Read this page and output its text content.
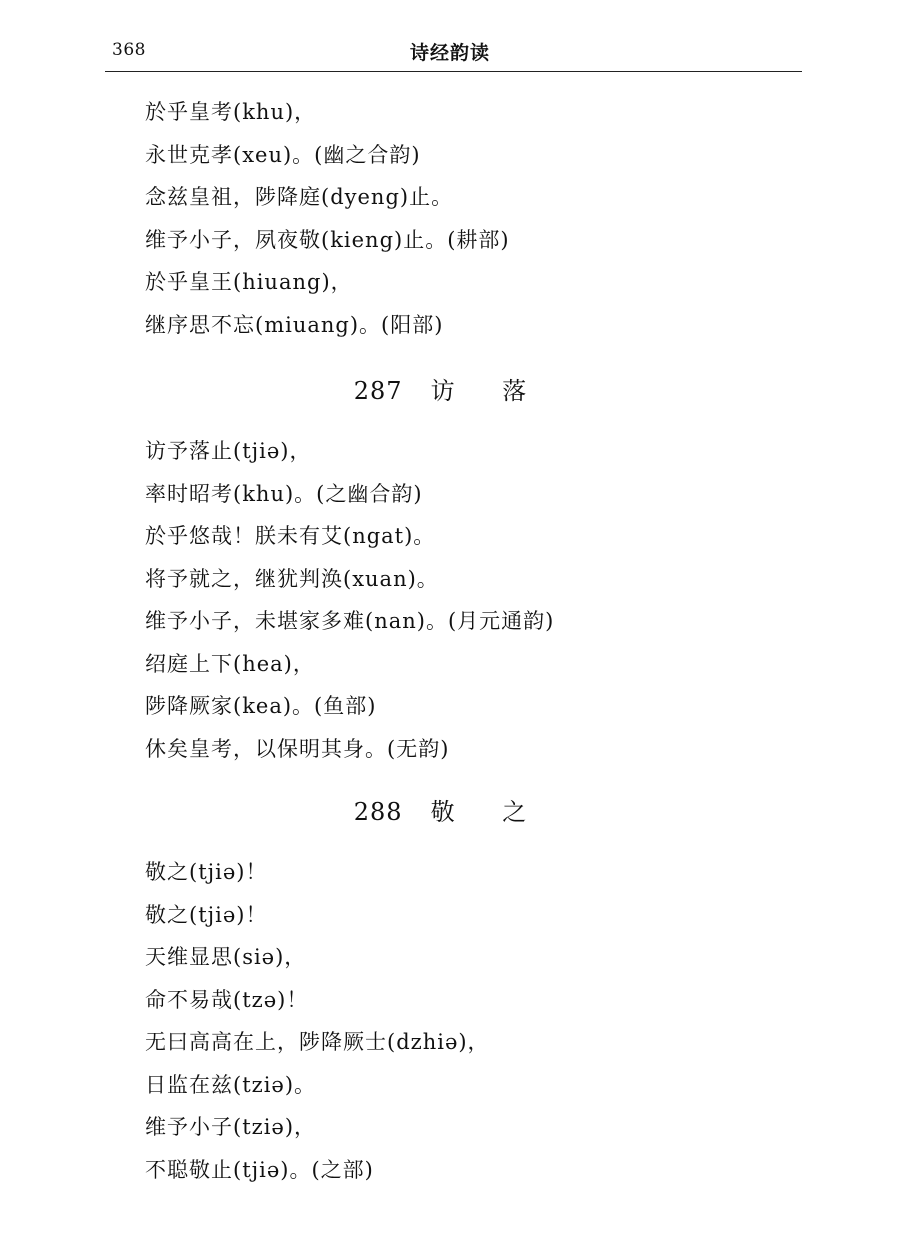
368	诗经韵读
於乎皇考(khu)，
永世克孝(xeu)。(幽之合韵)
念兹皇祖，陟降庭(dyeng)止。
维予小子，夙夜敬(kieng)止。(耕部)
於乎皇王(hiuang)，
继序思不忘(miuang)。(阳部)
287 访 落
访予落止(tjiə)，
率时昭考(khu)。(之幽合韵)
於乎悠哉！朕未有艾(ngat)。
将予就之，继犹判涣(xuan)。
维予小子，未堪家多难(nan)。(月元通韵)
绍庭上下(hea)，
陟降厥家(kea)。(鱼部)
休矣皇考，以保明其身。(无韵)
288 敬 之
敬之(tjiə)！
敬之(tjiə)！
天维显思(siə)，
命不易哉(tzə)！
无曰高高在上，陟降厥士(dzhiə)，
日监在兹(tziə)。
维予小子(tziə)，
不聪敬止(tjiə)。(之部)
